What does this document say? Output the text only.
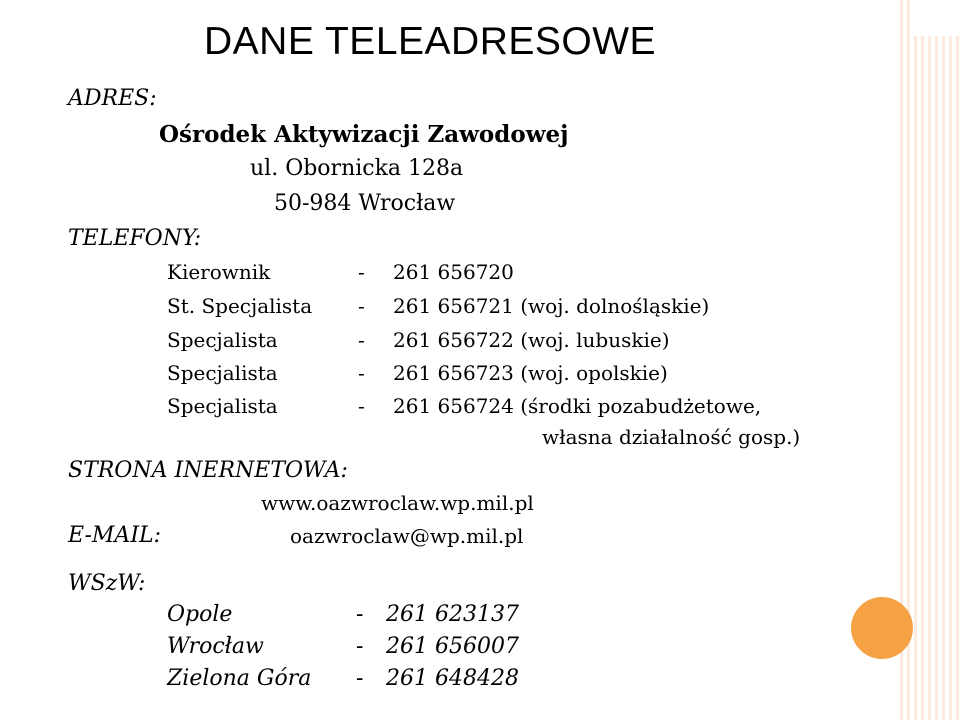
DANE TELEADRESOWE
ADRES:
Ośrodek Aktywizacji Zawodowej
ul. Obornicka 128a
50-984 Wrocław
TELEFONY:
Kierownik	- 261 656720
St. Specjalista - 261 656721 (woj. dolnośląskie)
Specjalista	- 261 656722 (woj. lubuskie)
Specjalista	- 261 656723 (woj. opolskie)
Specjalista	- 261 656724 (środki pozabudżetowe,
własna działalność gosp.)
STRONA INERNETOWA:
www.oazwroclaw.wp.mil.pl
E-MAIL:	oazwroclaw@wp.mil.pl
WSzW:
Opole	- 261 623137
Wrocław	- 261 656007
Zielona Góra - 261 648428
